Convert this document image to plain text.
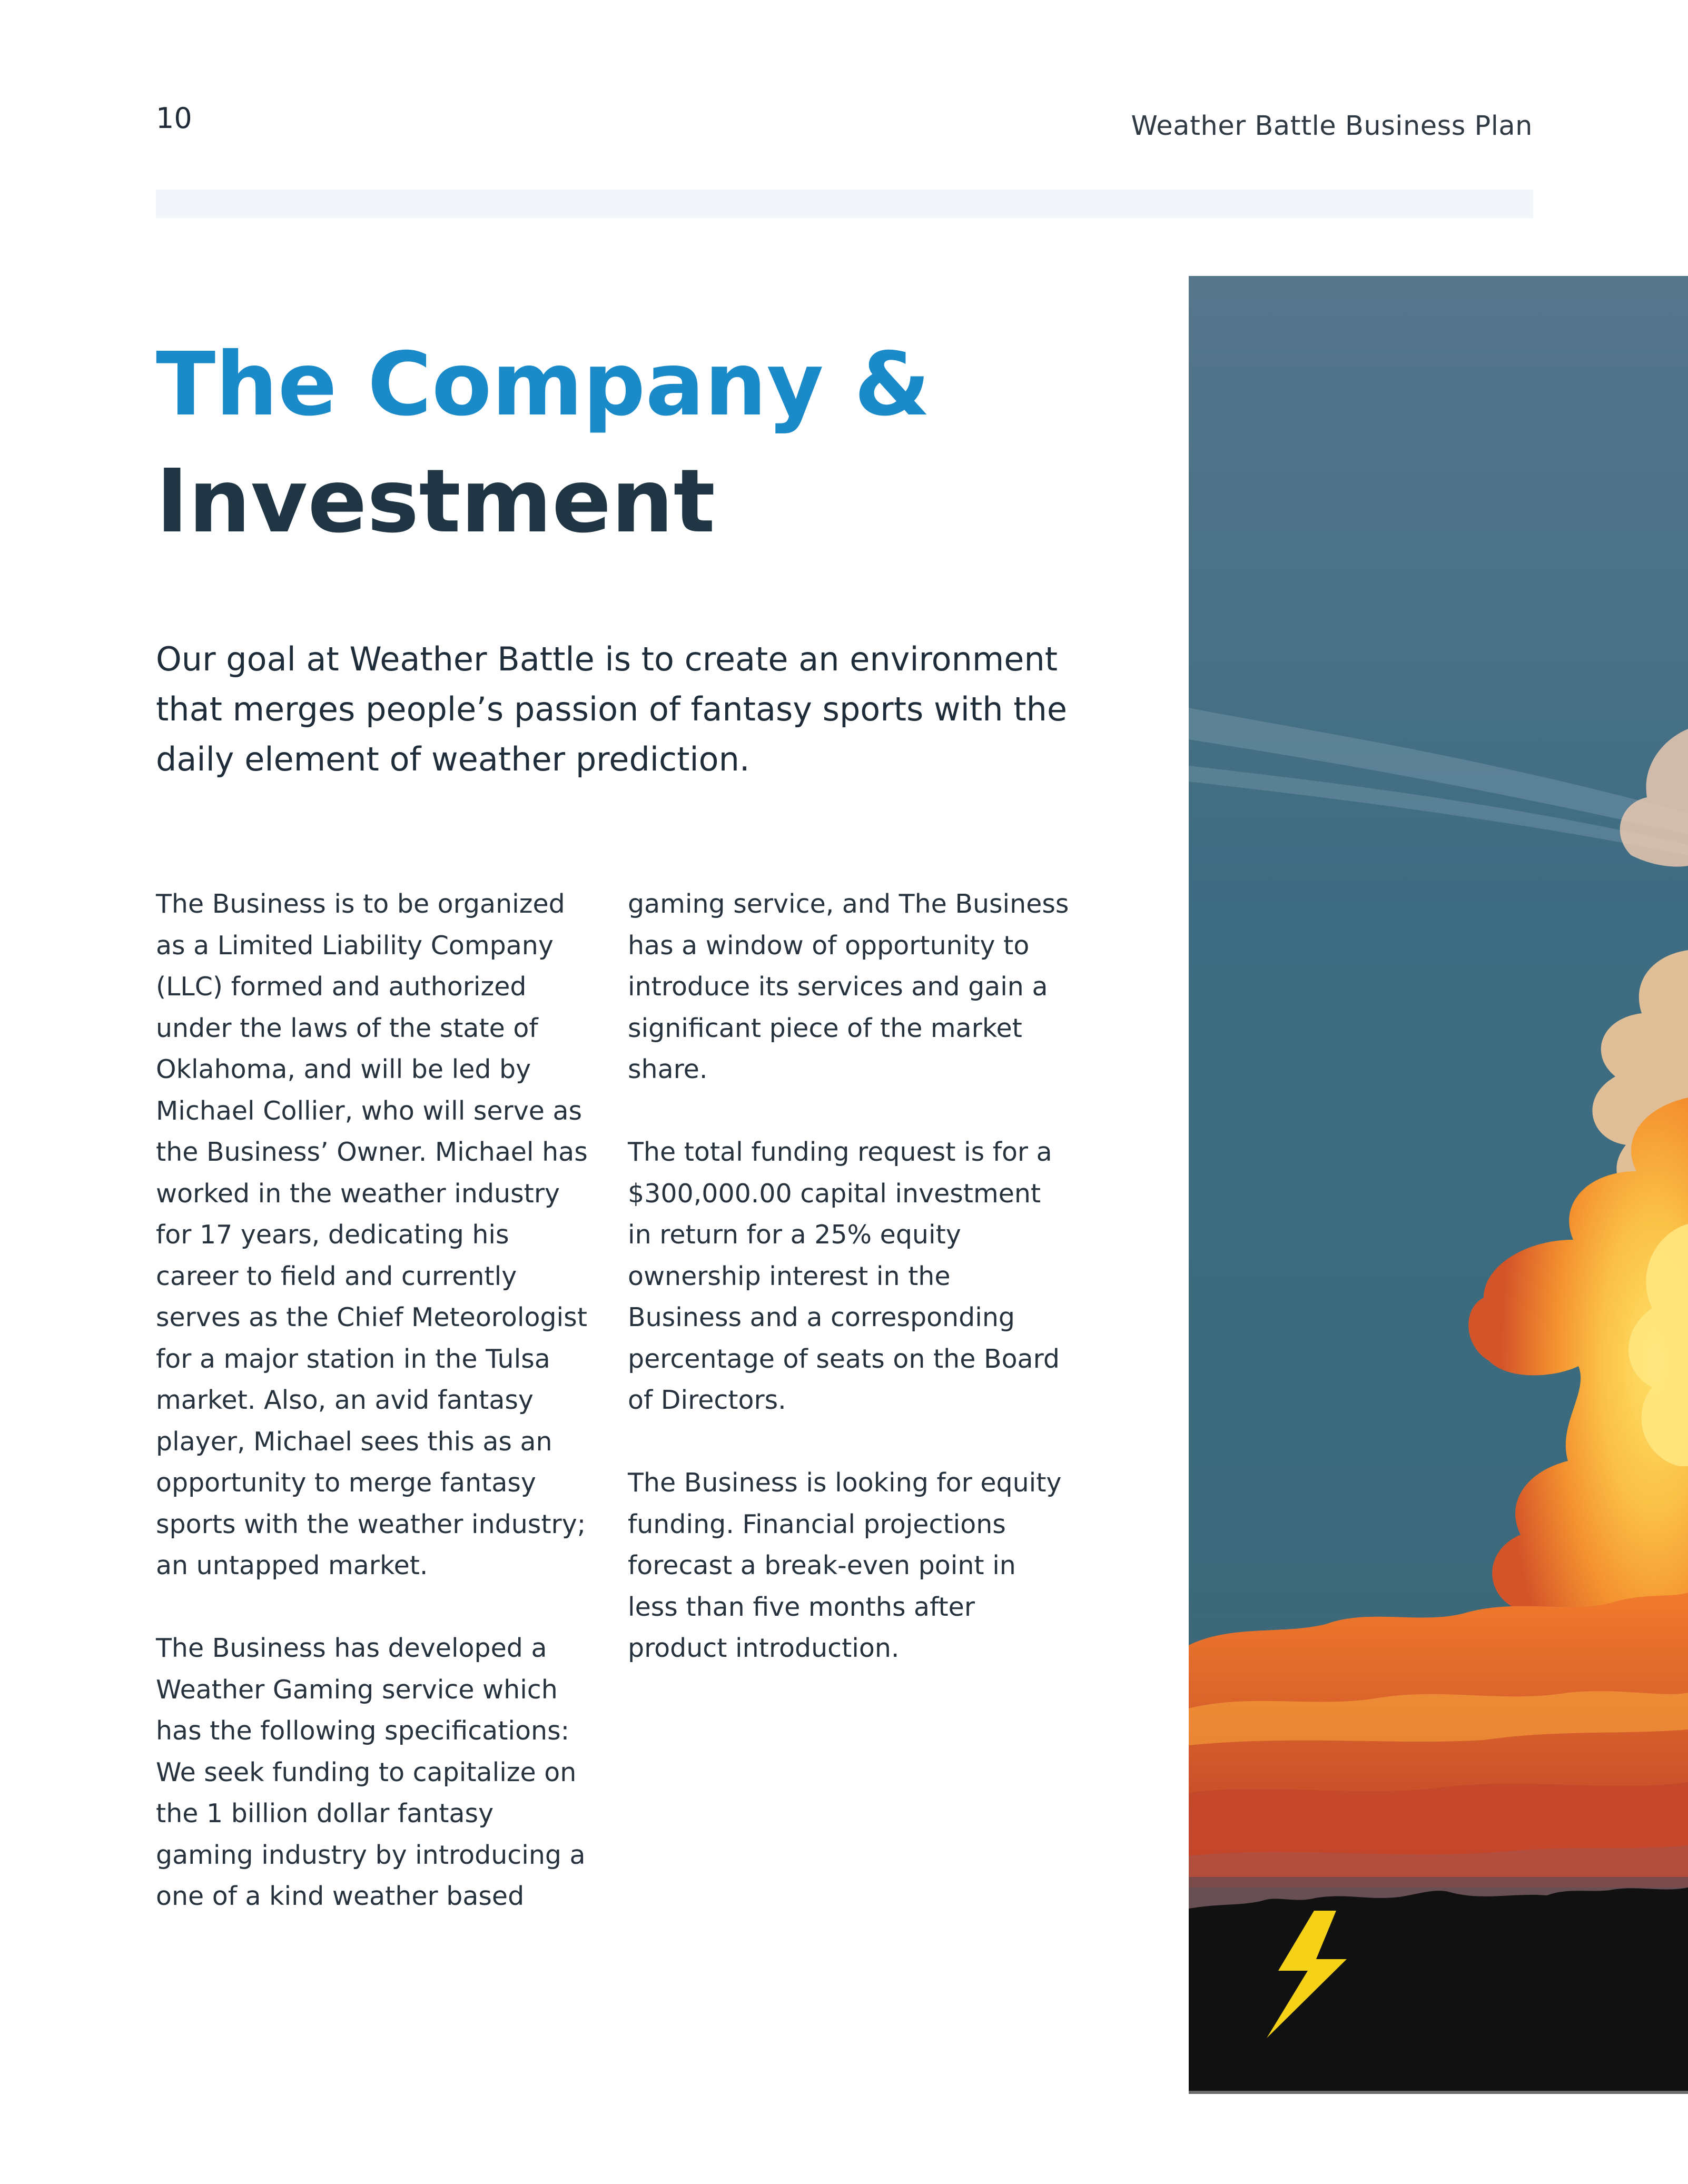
10	Weather Battle Business Plan
The Company &
Investment

Our goal at Weather Battle is to create an environment that merges people’s passion of fantasy sports with the daily element of weather prediction.

The Business is to be organized as a Limited Liability Company (LLC) formed and authorized under the laws of the state of Oklahoma, and will be led by Michael Collier, who will serve as the Business’ Owner. Michael has worked in the weather industry for 17 years, dedicating his career to field and currently serves as the Chief Meteorologist for a major station in the Tulsa market. Also, an avid fantasy player, Michael sees this as an opportunity to merge fantasy sports with the weather industry; an untapped market.

The Business has developed a Weather Gaming service which has the following specifications: We seek funding to capitalize on the 1 billion dollar fantasy gaming industry by introducing a one of a kind weather based

gaming service, and The Business has a window of opportunity to introduce its services and gain a significant piece of the market share.

The total funding request is for a $300,000.00 capital investment in return for a 25% equity ownership interest in the Business and a corresponding percentage of seats on the Board of Directors.

The Business is looking for equity funding. Financial projections forecast a break-even point in less than five months after product introduction.
